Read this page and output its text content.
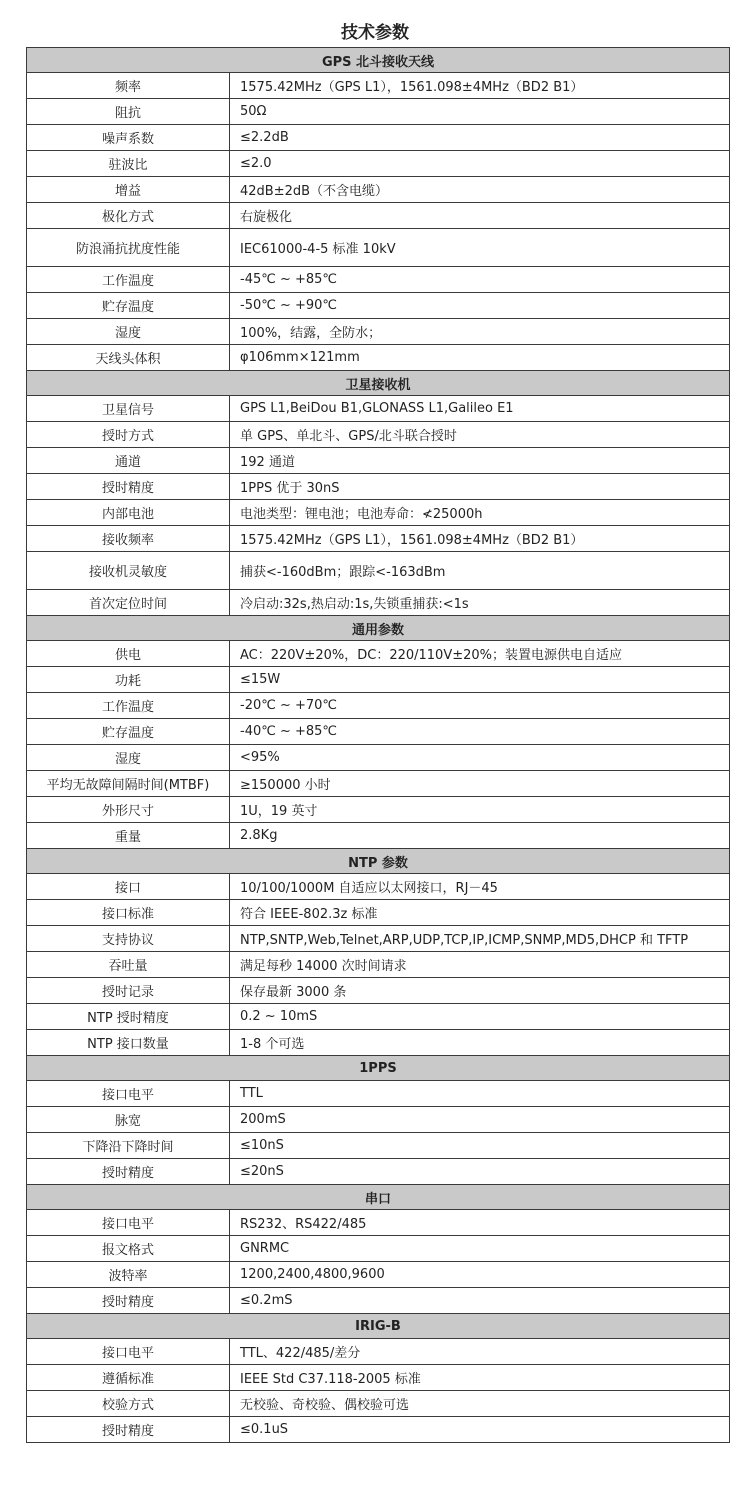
技术参数
GPS 北斗接收天线	
频率	1575.42MHz（GPS L1），1561.098±4MHz（BD2 B1）
阻抗	50Ω
噪声系数	≤2.2dB
驻波比	≤2.0
增益	42dB±2dB（不含电缆）
极化方式	右旋极化
防浪涌抗扰度性能	IEC61000-4-5 标准 10kV
工作温度	-45℃ ~ +85℃
贮存温度	-50℃ ~ +90℃
湿度	100%，结露，全防水；
天线头体积	φ106mm×121mm
卫星接收机	
卫星信号	GPS L1,BeiDou B1,GLONASS L1,Galileo E1
授时方式	单 GPS、单北斗、GPS/北斗联合授时
通道	192 通道
授时精度	1PPS 优于 30nS
内部电池	电池类型：锂电池；电池寿命：≮25000h
接收频率	1575.42MHz（GPS L1），1561.098±4MHz（BD2 B1）
接收机灵敏度	捕获<-160dBm；跟踪<-163dBm
首次定位时间	冷启动:32s,热启动:1s,失锁重捕获:<1s
通用参数	
供电	AC：220V±20%，DC：220/110V±20%；装置电源供电自适应
功耗	≤15W
工作温度	-20℃ ~ +70℃
贮存温度	-40℃ ~ +85℃
湿度	<95%
平均无故障间隔时间(MTBF)	≥150000 小时
外形尺寸	1U，19 英寸
重量	2.8Kg
NTP 参数	
接口	10/100/1000M 自适应以太网接口，RJ－45
接口标准	符合 IEEE-802.3z 标准
支持协议	NTP,SNTP,Web,Telnet,ARP,UDP,TCP,IP,ICMP,SNMP,MD5,DHCP 和 TFTP
吞吐量	满足每秒 14000 次时间请求
授时记录	保存最新 3000 条
NTP 授时精度	0.2 ~ 10mS
NTP 接口数量	1-8 个可选
1PPS	
接口电平	TTL
脉宽	200mS
下降沿下降时间	≤10nS
授时精度	≤20nS
串口	
接口电平	RS232、RS422/485
报文格式	GNRMC
波特率	1200,2400,4800,9600
授时精度	≤0.2mS
IRIG-B	
接口电平	TTL、422/485/差分
遵循标准	IEEE Std C37.118-2005 标准
校验方式	无校验、奇校验、偶校验可选
授时精度	≤0.1uS
